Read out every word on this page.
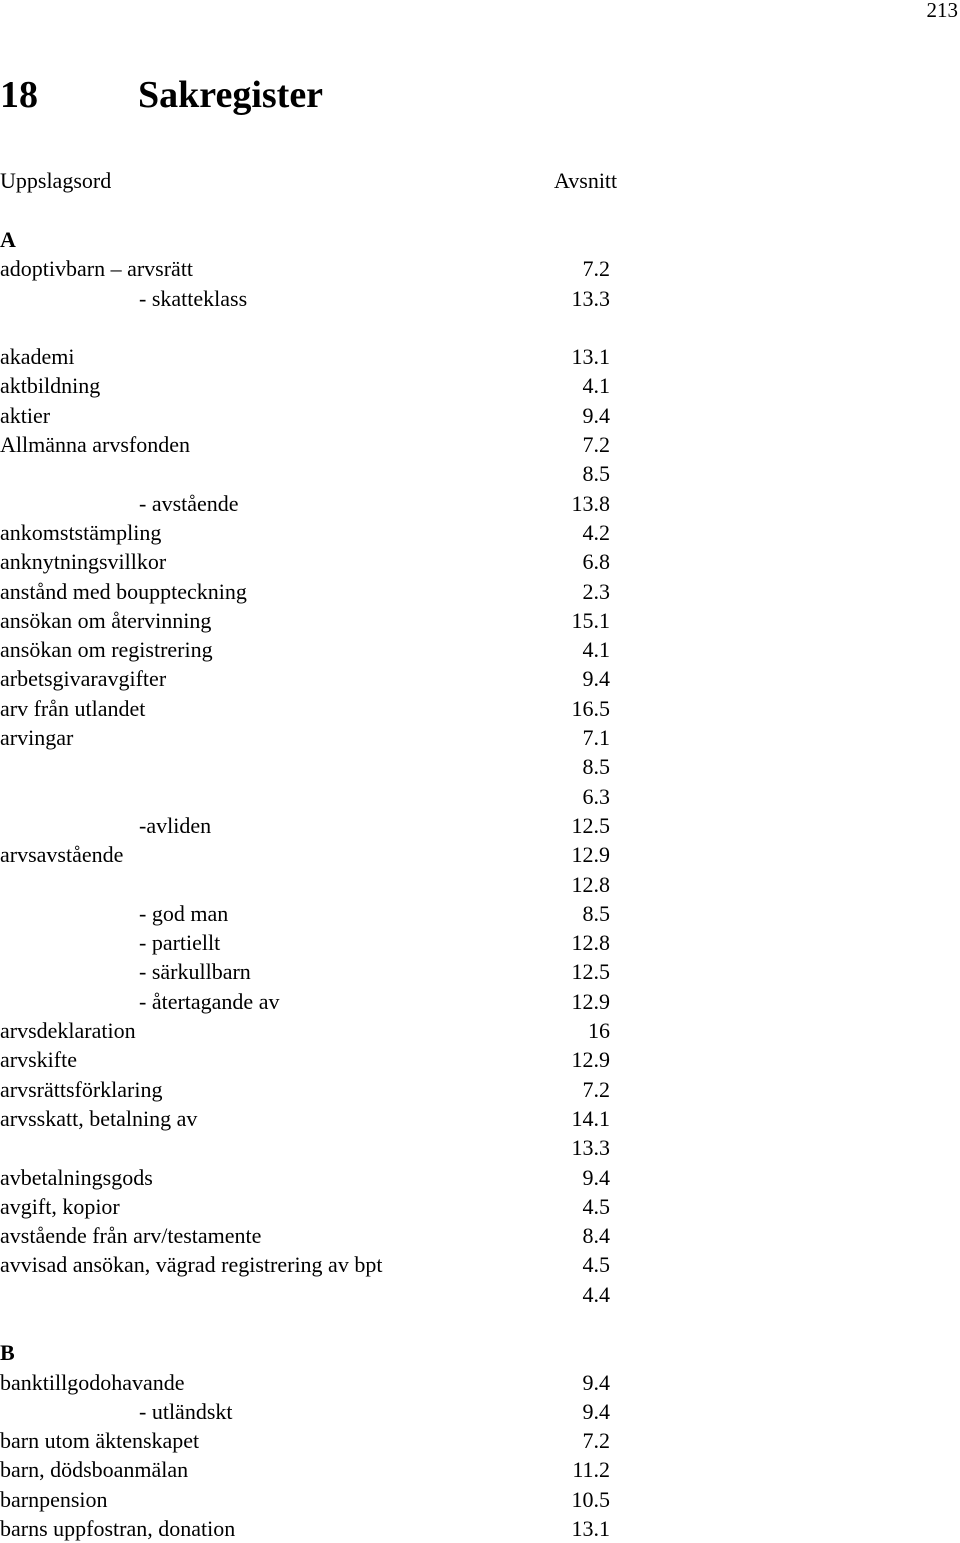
213
18	Sakregister
Uppslagsord	Avsnitt
A
adoptivbarn – arvsrätt	7.2
- skatteklass	13.3
akademi	13.1
aktbildning	4.1
aktier	9.4
Allmänna arvsfonden	7.2
8.5
- avstående	13.8
ankomststämpling	4.2
anknytningsvillkor	6.8
anstånd med bouppteckning	2.3
ansökan om återvinning	15.1
ansökan om registrering	4.1
arbetsgivaravgifter	9.4
arv från utlandet	16.5
arvingar	7.1
8.5
6.3
-avliden	12.5
arvsavstående	12.9
12.8
- god man	8.5
- partiellt	12.8
- särkullbarn	12.5
- återtagande av	12.9
arvsdeklaration	16
arvskifte	12.9
arvsrättsförklaring	7.2
arvsskatt, betalning av	14.1
13.3
avbetalningsgods	9.4
avgift, kopior	4.5
avstående från arv/testamente	8.4
avvisad ansökan, vägrad registrering av bpt	4.5
4.4
B
banktillgodohavande	9.4
- utländskt	9.4
barn utom äktenskapet	7.2
barn, dödsboanmälan	11.2
barnpension	10.5
barns uppfostran, donation	13.1
